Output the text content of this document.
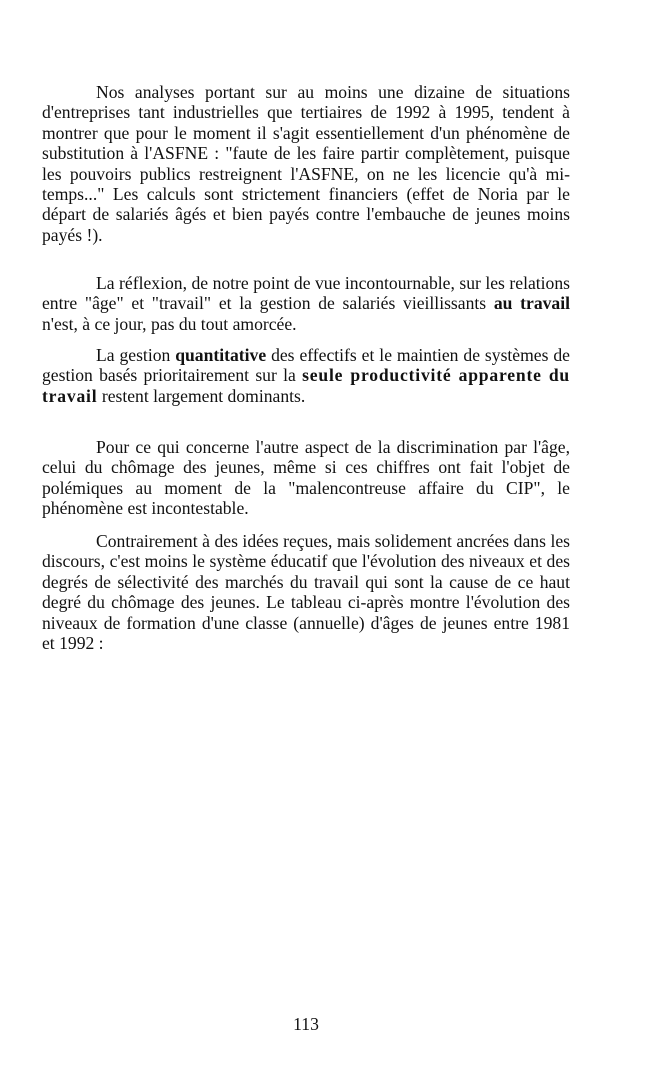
Nos analyses portant sur au moins une dizaine de situations d'entreprises tant industrielles que tertiaires de 1992 à 1995, tendent à montrer que pour le moment il s'agit essentiellement d'un phénomène de substitution à l'ASFNE : "faute de les faire partir complètement, puisque les pouvoirs publics restreignent l'ASFNE, on ne les licencie qu'à mi-temps..." Les calculs sont strictement financiers (effet de Noria par le départ de salariés âgés et bien payés contre l'embauche de jeunes moins payés !).

La réflexion, de notre point de vue incontournable, sur les relations entre "âge" et "travail" et la gestion de salariés vieillissants au travail n'est, à ce jour, pas du tout amorcée.

La gestion quantitative des effectifs et le maintien de systèmes de gestion basés prioritairement sur la seule productivité apparente du travail restent largement dominants.

Pour ce qui concerne l'autre aspect de la discrimination par l'âge, celui du chômage des jeunes, même si ces chiffres ont fait l'objet de polémiques au moment de la "malencontreuse affaire du CIP", le phénomène est incontestable.

Contrairement à des idées reçues, mais solidement ancrées dans les discours, c'est moins le système éducatif que l'évolution des niveaux et des degrés de sélectivité des marchés du travail qui sont la cause de ce haut degré du chômage des jeunes. Le tableau ci-après montre l'évolution des niveaux de formation d'une classe (annuelle) d'âges de jeunes entre 1981 et 1992 :

113
